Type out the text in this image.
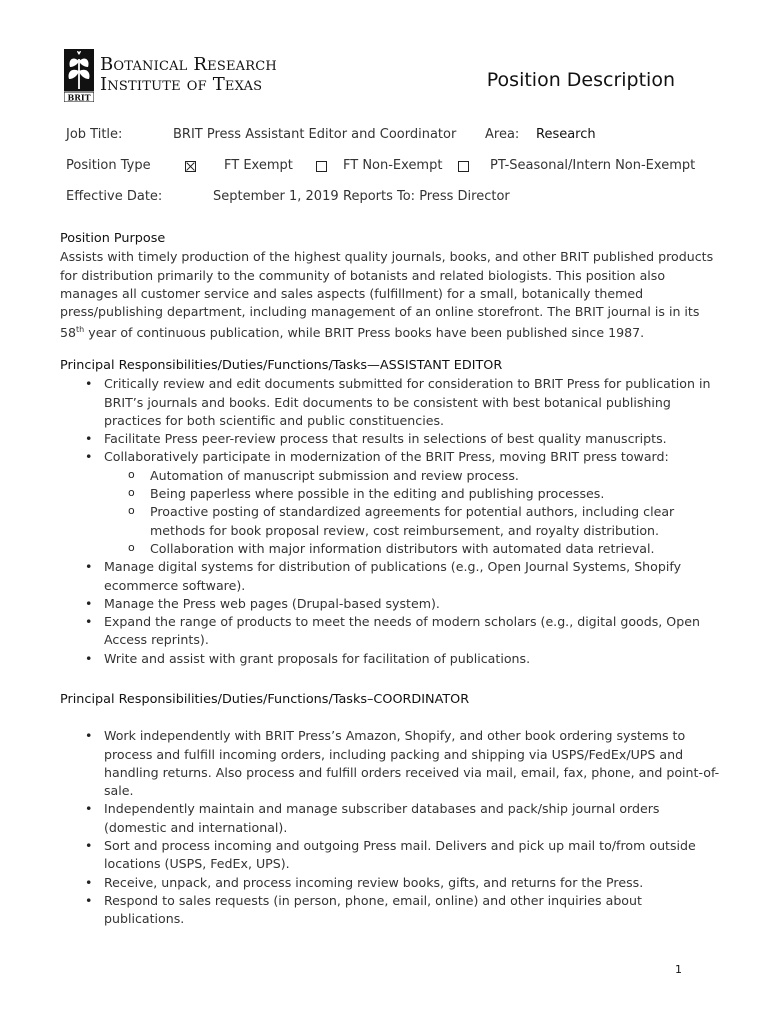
BRIT
Botanical Research
Institute of Texas	Position Description
Job Title:	BRIT Press Assistant Editor and Coordinator Area: Research
Position Type	FT Exempt	FT Non-Exempt	PT-Seasonal/Intern Non-Exempt
Effective Date:	September 1, 2019 Reports To: Press Director
Position Purpose
Assists with timely production of the highest quality journals, books, and other BRIT published products for distribution primarily to the community of botanists and related biologists. This position also manages all customer service and sales aspects (fulfillment) for a small, botanically themed press/publishing department, including management of an online storefront. The BRIT journal is in its 58th year of continuous publication, while BRIT Press books have been published since 1987.
Principal Responsibilities/Duties/Functions/Tasks—ASSISTANT EDITOR
• Critically review and edit documents submitted for consideration to BRIT Press for publication in BRIT’s journals and books. Edit documents to be consistent with best botanical publishing practices for both scientific and public constituencies.
• Facilitate Press peer-review process that results in selections of best quality manuscripts.
• Collaboratively participate in modernization of the BRIT Press, moving BRIT press toward:
o Automation of manuscript submission and review process.
o Being paperless where possible in the editing and publishing processes.
o Proactive posting of standardized agreements for potential authors, including clear methods for book proposal review, cost reimbursement, and royalty distribution.
o Collaboration with major information distributors with automated data retrieval.
• Manage digital systems for distribution of publications (e.g., Open Journal Systems, Shopify ecommerce software).
• Manage the Press web pages (Drupal-based system).
• Expand the range of products to meet the needs of modern scholars (e.g., digital goods, Open Access reprints).
• Write and assist with grant proposals for facilitation of publications.
Principal Responsibilities/Duties/Functions/Tasks–COORDINATOR
• Work independently with BRIT Press’s Amazon, Shopify, and other book ordering systems to process and fulfill incoming orders, including packing and shipping via USPS/FedEx/UPS and handling returns. Also process and fulfill orders received via mail, email, fax, phone, and point-of-sale.
• Independently maintain and manage subscriber databases and pack/ship journal orders (domestic and international).
• Sort and process incoming and outgoing Press mail. Delivers and pick up mail to/from outside locations (USPS, FedEx, UPS).
• Receive, unpack, and process incoming review books, gifts, and returns for the Press.
• Respond to sales requests (in person, phone, email, online) and other inquiries about publications.
1
